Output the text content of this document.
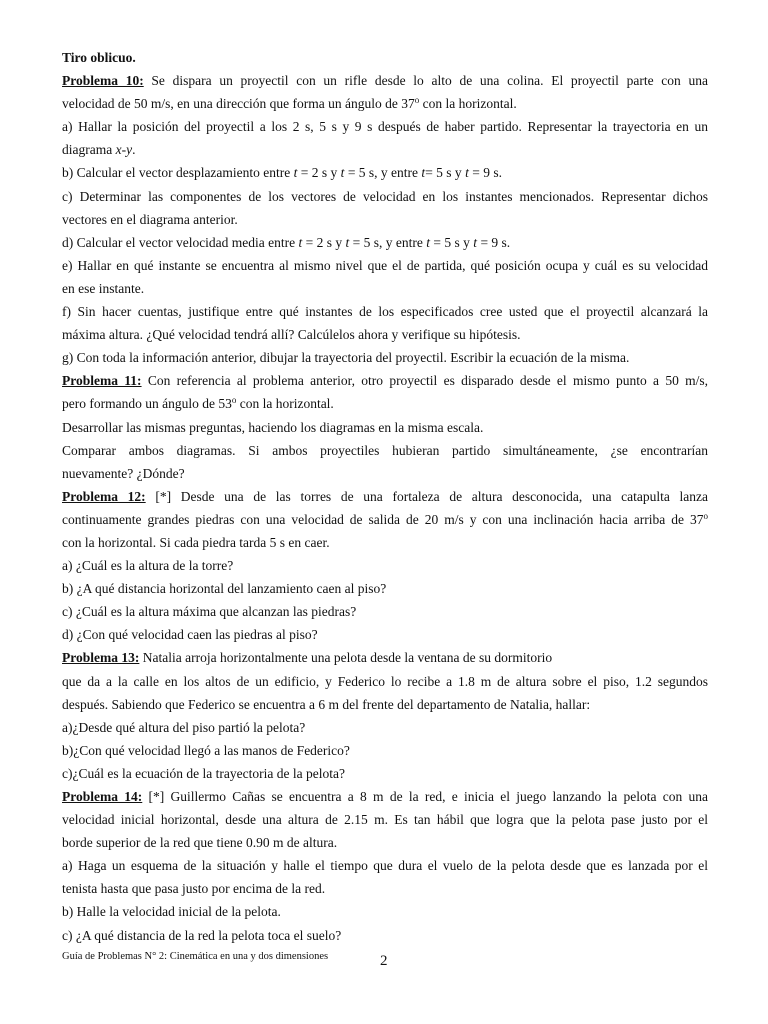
Tiro oblicuo.
Problema 10: Se dispara un proyectil con un rifle desde lo alto de una colina. El proyectil parte con una
velocidad de 50 m/s, en una dirección que forma un ángulo de 37$^o$ con la horizontal.
a) Hallar la posición del proyectil a los 2 s, 5 s y 9 s después de haber partido. Representar la trayectoria en un
diagrama x-y.
b) Calcular el vector desplazamiento entre t = 2 s y t = 5 s, y entre t= 5 s y t = 9 s.
c) Determinar las componentes de los vectores de velocidad en los instantes mencionados. Representar dichos
vectores en el diagrama anterior.
d) Calcular el vector velocidad media entre t = 2 s y t = 5 s, y entre t = 5 s y t = 9 s.
e) Hallar en qué instante se encuentra al mismo nivel que el de partida, qué posición ocupa y cuál es su velocidad
en ese instante.
f) Sin hacer cuentas, justifique entre qué instantes de los especificados cree usted que el proyectil alcanzará la
máxima altura. ¿Qué velocidad tendrá allí? Calcúlelos ahora y verifique su hipótesis.
g) Con toda la información anterior, dibujar la trayectoria del proyectil. Escribir la ecuación de la misma.
Problema 11: Con referencia al problema anterior, otro proyectil es disparado desde el mismo punto a 50 m/s,
pero formando un ángulo de 53$^o$ con la horizontal.
Desarrollar las mismas preguntas, haciendo los diagramas en la misma escala.
Comparar ambos diagramas. Si ambos proyectiles hubieran partido simultáneamente, ¿se encontrarían
nuevamente? ¿Dónde?
Problema 12: [*] Desde una de las torres de una fortaleza de altura desconocida, una catapulta lanza
continuamente grandes piedras con una velocidad de salida de 20 m/s y con una inclinación hacia arriba de 37$^o$
con la horizontal. Si cada piedra tarda 5 s en caer.
a) ¿Cuál es la altura de la torre?
b) ¿A qué distancia horizontal del lanzamiento caen al piso?
c) ¿Cuál es la altura máxima que alcanzan las piedras?
d) ¿Con qué velocidad caen las piedras al piso?
Problema 13: Natalia arroja horizontalmente una pelota desde la ventana de su dormitorio
que da a la calle en los altos de un edificio, y Federico lo recibe a 1.8 m de altura sobre el piso, 1.2 segundos
después. Sabiendo que Federico se encuentra a 6 m del frente del departamento de Natalia, hallar:
a)¿Desde qué altura del piso partió la pelota?
b)¿Con qué velocidad llegó a las manos de Federico?
c)¿Cuál es la ecuación de la trayectoria de la pelota?
Problema 14: [*] Guillermo Cañas se encuentra a 8 m de la red, e inicia el juego lanzando la pelota con una
velocidad inicial horizontal, desde una altura de 2.15 m. Es tan hábil que logra que la pelota pase justo por el
borde superior de la red que tiene 0.90 m de altura.
a) Haga un esquema de la situación y halle el tiempo que dura el vuelo de la pelota desde que es lanzada por el
tenista hasta que pasa justo por encima de la red.
b) Halle la velocidad inicial de la pelota.
c) ¿A qué distancia de la red la pelota toca el suelo?
Guía de Problemas N° 2: Cinemática en una y dos dimensiones	2
